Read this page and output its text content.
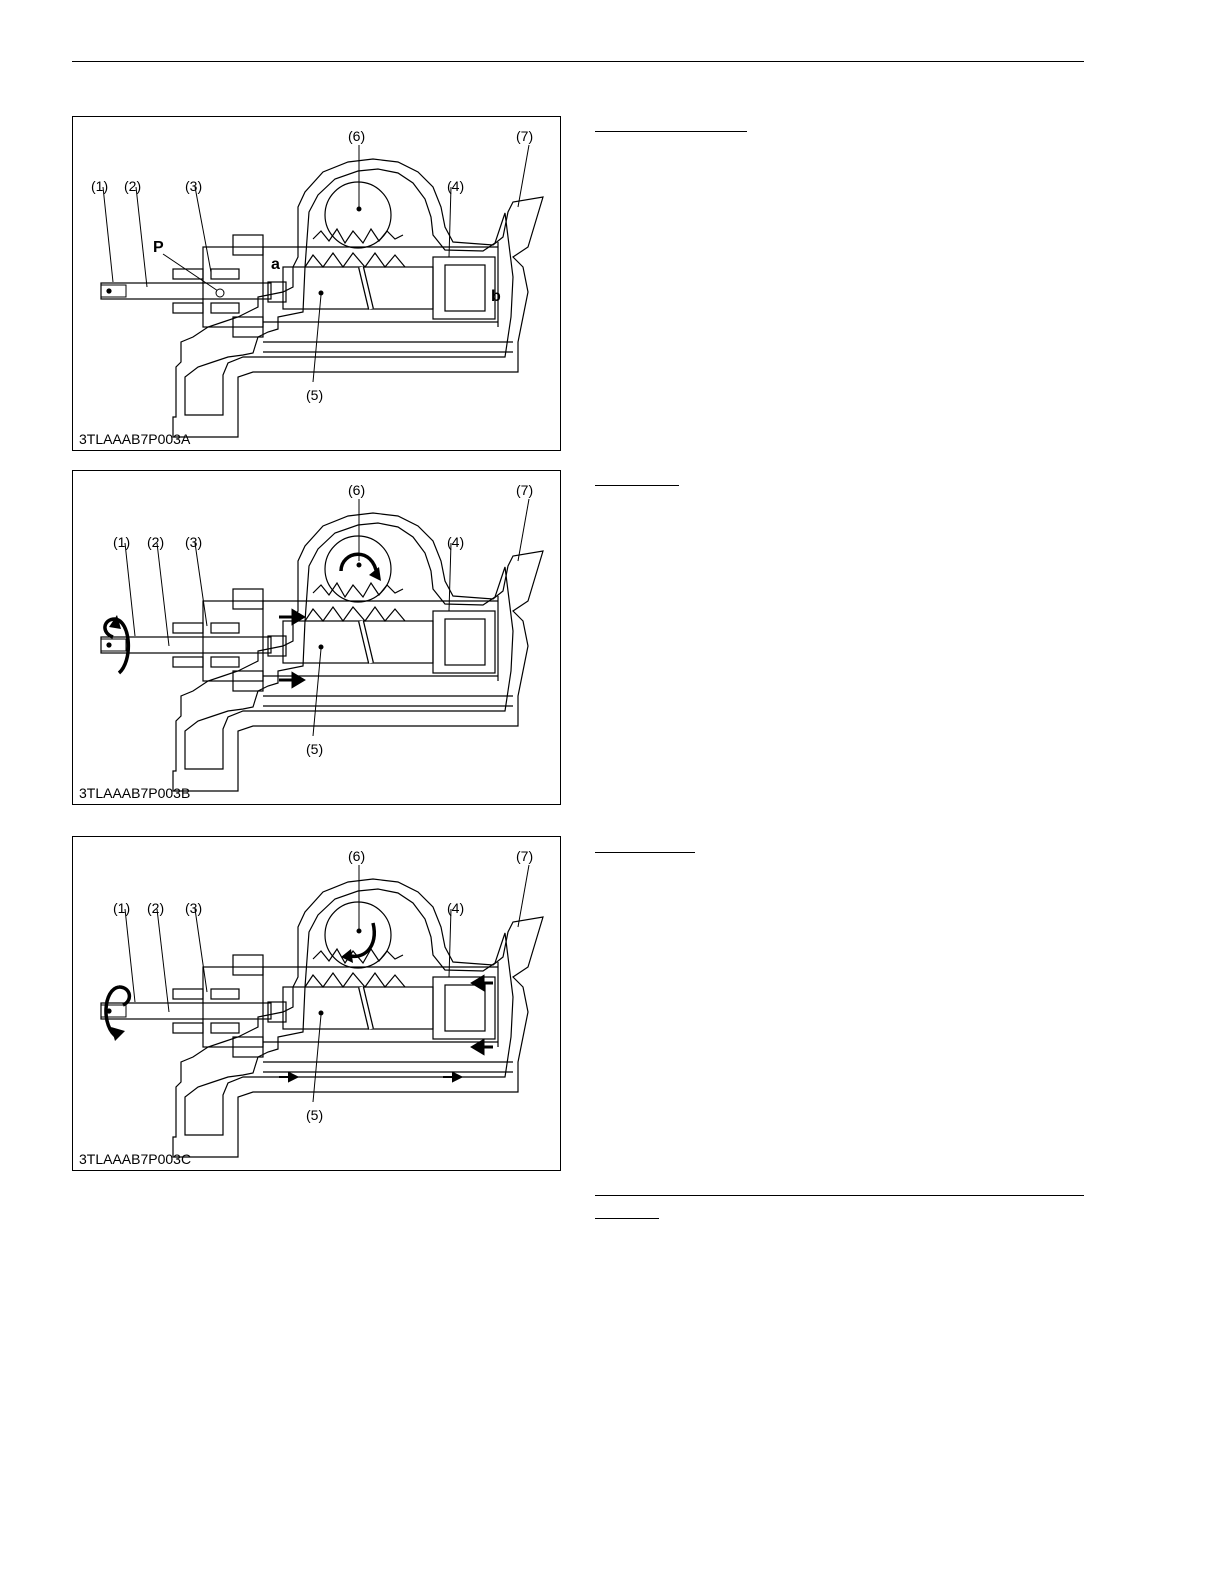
(1) (2)	(3)	(4)
(5)
(6)	(7)
P
a
b
3TLAAAB7P003A
(1) (2) (3)	(4)
(5)
(6)	(7)
3TLAAAB7P003B
(1) (2) (3)	(4)
(5)
(6)	(7)
3TLAAAB7P003C
